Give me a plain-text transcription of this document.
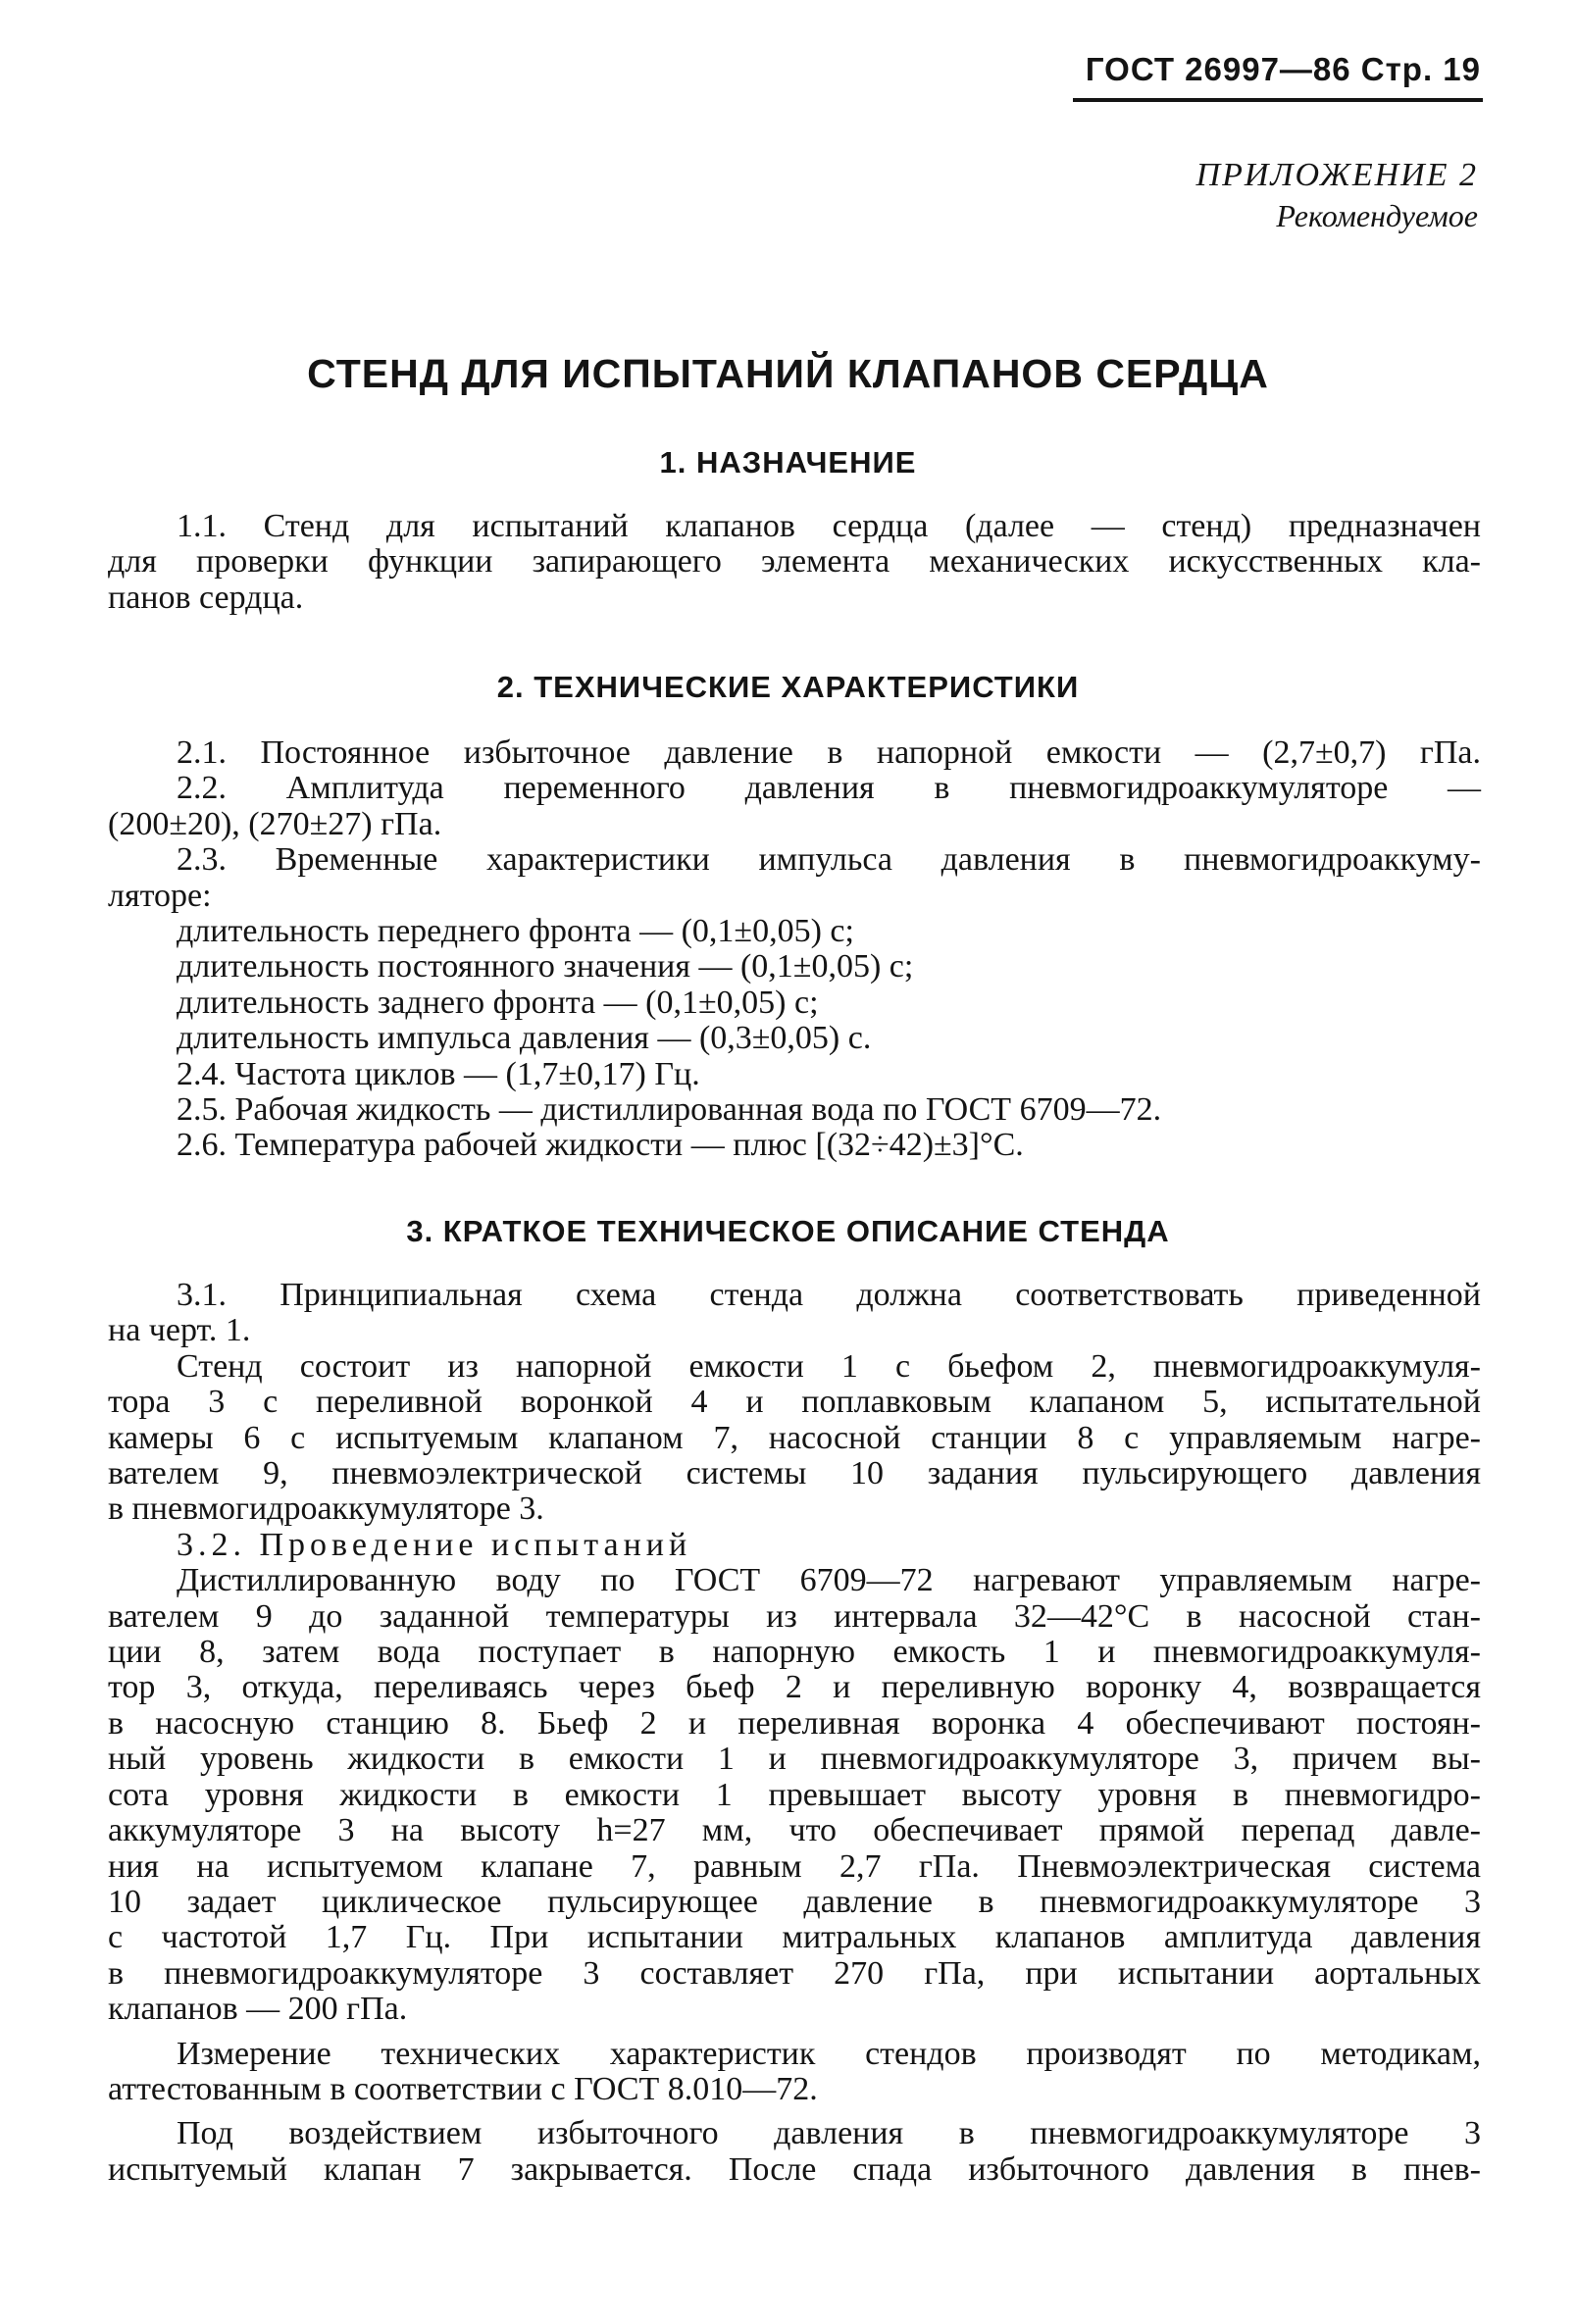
ГОСТ 26997—86 Стр. 19
ПРИЛОЖЕНИЕ 2
Рекомендуемое
СТЕНД ДЛЯ ИСПЫТАНИЙ КЛАПАНОВ СЕРДЦА
1. НАЗНАЧЕНИЕ

1.1. Стенд для испытаний клапанов сердца (далее — стенд) предназначен

для проверки функции запирающего элемента механических искусственных кла-

панов сердца.

2. ТЕХНИЧЕСКИЕ ХАРАКТЕРИСТИКИ

2.1. Постоянное избыточное давление в напорной емкости — (2,7±0,7) гПа.

2.2. Амплитуда переменного давления в пневмогидроаккумуляторе —

(200±20), (270±27) гПа.

2.3. Временные характеристики импульса давления в пневмогидроаккуму-

ляторе:

длительность переднего фронта — (0,1±0,05) с;

длительность постоянного значения — (0,1±0,05) с;

длительность заднего фронта — (0,1±0,05) с;

длительность импульса давления — (0,3±0,05) с.

2.4. Частота циклов — (1,7±0,17) Гц.

2.5. Рабочая жидкость — дистиллированная вода по ГОСТ 6709—72.

2.6. Температура рабочей жидкости — плюс [(32÷42)±3]°С.

3. КРАТКОЕ ТЕХНИЧЕСКОЕ ОПИСАНИЕ СТЕНДА

3.1. Принципиальная схема стенда должна соответствовать приведенной

на черт. 1.

Стенд состоит из напорной емкости 1 с бьефом 2, пневмогидроаккумуля-

тора 3 с переливной воронкой 4 и поплавковым клапаном 5, испытательной

камеры 6 с испытуемым клапаном 7, насосной станции 8 с управляемым нагре-

вателем 9, пневмоэлектрической системы 10 задания пульсирующего давления

в пневмогидроаккумуляторе 3.

3.2. Проведение испытаний

Дистиллированную воду по ГОСТ 6709—72 нагревают управляемым нагре-

вателем 9 до заданной температуры из интервала 32—42°С в насосной стан-

ции 8, затем вода поступает в напорную емкость 1 и пневмогидроаккумуля-

тор 3, откуда, переливаясь через бьеф 2 и переливную воронку 4, возвращается

в насосную станцию 8. Бьеф 2 и переливная воронка 4 обеспечивают постоян-

ный уровень жидкости в емкости 1 и пневмогидроаккумуляторе 3, причем вы-

сота уровня жидкости в емкости 1 превышает высоту уровня в пневмогидро-

аккумуляторе 3 на высоту h=27 мм, что обеспечивает прямой перепад давле-

ния на испытуемом клапане 7, равным 2,7 гПа. Пневмоэлектрическая система

10 задает циклическое пульсирующее давление в пневмогидроаккумуляторе 3

с частотой 1,7 Гц. При испытании митральных клапанов амплитуда давления

в пневмогидроаккумуляторе 3 составляет 270 гПа, при испытании аортальных

клапанов — 200 гПа.

Измерение технических характеристик стендов производят по методикам,

аттестованным в соответствии с ГОСТ 8.010—72.

Под воздействием избыточного давления в пневмогидроаккумуляторе 3

испытуемый клапан 7 закрывается. После спада избыточного давления в пнев-
